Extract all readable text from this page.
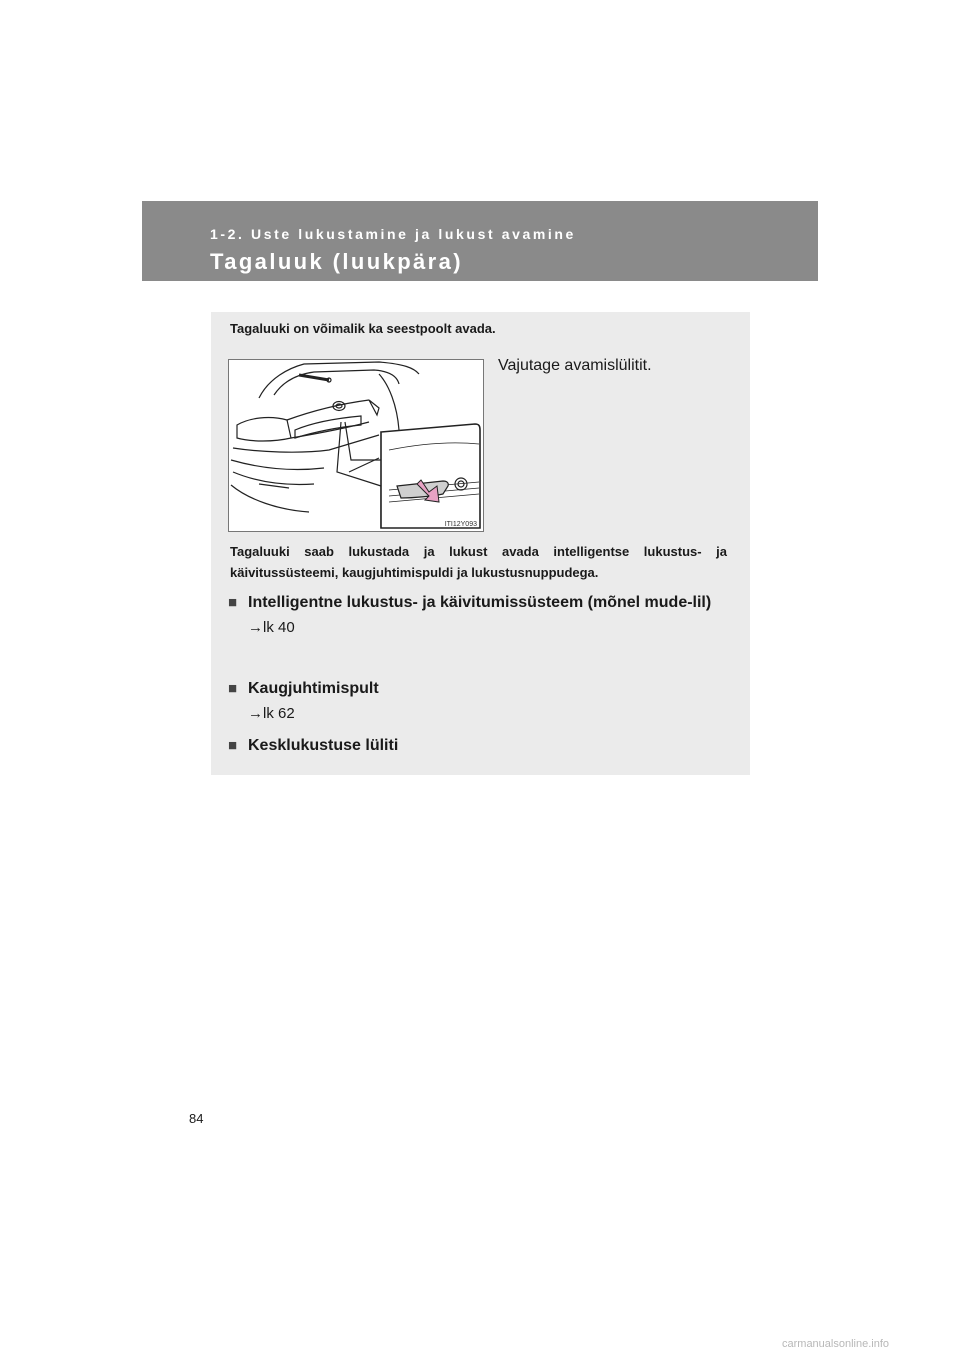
1-2. Uste lukustamine ja lukust avamine
Tagaluuk (luukpära)
Tagaluuki on võimalik ka seestpoolt avada.
ITI12Y093
Vajutage avamislülitit.
Tagaluuki saab lukustada ja lukust avada intelligentse lukustus- ja käivitussüsteemi, kaugjuhtimispuldi ja lukustusnuppudega.
■ Intelligentne lukustus- ja käivitumissüsteem (mõnel mude-lil)
→lk 40
■ Kaugjuhtimispult
→lk 62
■ Kesklukustuse lüliti
84
carmanualsonline.info
